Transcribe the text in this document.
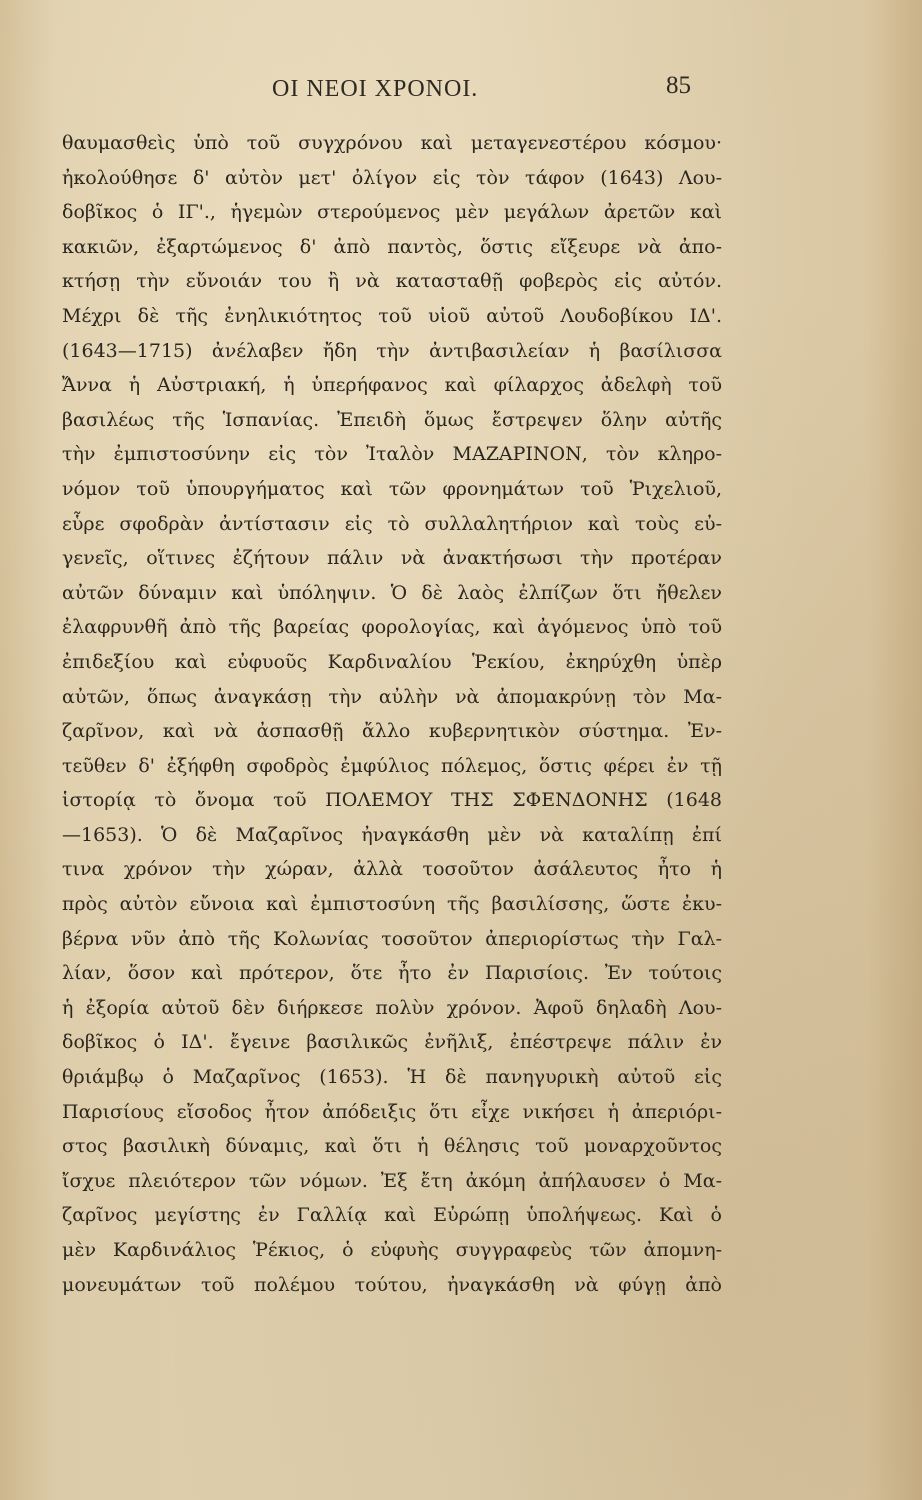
ΟΙ ΝΕΟΙ ΧΡΟΝΟΙ.	85
θαυμασθεὶς ὑπὸ τοῦ συγχρόνου καὶ μεταγενεστέρου κόσμου·
ἠκολούθησε δ' αὐτὸν μετ' ὀλίγον εἰς τὸν τάφον (1643) Λου-
δοβῖκος ὁ ΙΓ'., ἡγεμὼν στερούμενος μὲν μεγάλων ἀρετῶν καὶ
κακιῶν, ἐξαρτώμενος δ' ἀπὸ παντὸς, ὅστις εἴξευρε νὰ ἀπο-
κτήσῃ τὴν εὔνοιάν του ἢ νὰ κατασταθῇ φοβερὸς εἰς αὐτόν.
Μέχρι δὲ τῆς ἐνηλικιότητος τοῦ υἱοῦ αὐτοῦ Λουδοβίκου ΙΔ'.
(1643—1715) ἀνέλαβεν ἤδη τὴν ἀντιβασιλείαν ἡ βασίλισσα
Ἄννα ἡ Αὐστριακή, ἡ ὑπερήφανος καὶ φίλαρχος ἀδελφὴ τοῦ
βασιλέως τῆς Ἱσπανίας. Ἐπειδὴ ὅμως ἔστρεψεν ὅλην αὐτῆς
τὴν ἐμπιστοσύνην εἰς τὸν Ἰταλὸν ΜΑΖΑΡΙΝΟΝ, τὸν κληρο-
νόμον τοῦ ὑπουργήματος καὶ τῶν φρονημάτων τοῦ Ῥιχελιοῦ,
εὗρε σφοδρὰν ἀντίστασιν εἰς τὸ συλλαλητήριον καὶ τοὺς εὐ-
γενεῖς, οἵτινες ἐζήτουν πάλιν νὰ ἀνακτήσωσι τὴν προτέραν
αὐτῶν δύναμιν καὶ ὑπόληψιν. Ὁ δὲ λαὸς ἐλπίζων ὅτι ἤθελεν
ἐλαφρυνθῆ ἀπὸ τῆς βαρείας φορολογίας, καὶ ἀγόμενος ὑπὸ τοῦ
ἐπιδεξίου καὶ εὐφυοῦς Καρδιναλίου Ῥεκίου, ἐκηρύχθη ὑπὲρ
αὐτῶν, ὅπως ἀναγκάσῃ τὴν αὐλὴν νὰ ἀπομακρύνῃ τὸν Μα-
ζαρῖνον, καὶ νὰ ἀσπασθῇ ἄλλο κυβερνητικὸν σύστημα. Ἐν-
τεῦθεν δ' ἐξήφθη σφοδρὸς ἐμφύλιος πόλεμος, ὅστις φέρει ἐν τῇ
ἱστορίᾳ τὸ ὄνομα τοῦ ΠΟΛΕΜΟΥ ΤΗΣ ΣΦΕΝΔΟΝΗΣ (1648
—1653). Ὁ δὲ Μαζαρῖνος ἠναγκάσθη μὲν νὰ καταλίπῃ ἐπί
τινα χρόνον τὴν χώραν, ἀλλὰ τοσοῦτον ἀσάλευτος ἦτο ἡ
πρὸς αὐτὸν εὔνοια καὶ ἐμπιστοσύνη τῆς βασιλίσσης, ὥστε ἐκυ-
βέρνα νῦν ἀπὸ τῆς Κολωνίας τοσοῦτον ἀπεριορίστως τὴν Γαλ-
λίαν, ὅσον καὶ πρότερον, ὅτε ἦτο ἐν Παρισίοις. Ἐν τούτοις
ἡ ἐξορία αὐτοῦ δὲν διήρκεσε πολὺν χρόνον. Ἀφοῦ δηλαδὴ Λου-
δοβῖκος ὁ ΙΔ'. ἔγεινε βασιλικῶς ἐνῆλιξ, ἐπέστρεψε πάλιν ἐν
θριάμβῳ ὁ Μαζαρῖνος (1653). Ἡ δὲ πανηγυρικὴ αὐτοῦ εἰς
Παρισίους εἴσοδος ἦτον ἀπόδειξις ὅτι εἶχε νικήσει ἡ ἀπεριόρι-
στος βασιλικὴ δύναμις, καὶ ὅτι ἡ θέλησις τοῦ μοναρχοῦντος
ἴσχυε πλειότερον τῶν νόμων. Ἐξ ἔτη ἀκόμη ἀπήλαυσεν ὁ Μα-
ζαρῖνος μεγίστης ἐν Γαλλίᾳ καὶ Εὐρώπῃ ὑπολήψεως. Καὶ ὁ
μὲν Καρδινάλιος Ῥέκιος, ὁ εὐφυὴς συγγραφεὺς τῶν ἀπομνη-
μονευμάτων τοῦ πολέμου τούτου, ἠναγκάσθη νὰ φύγῃ ἀπὸ
